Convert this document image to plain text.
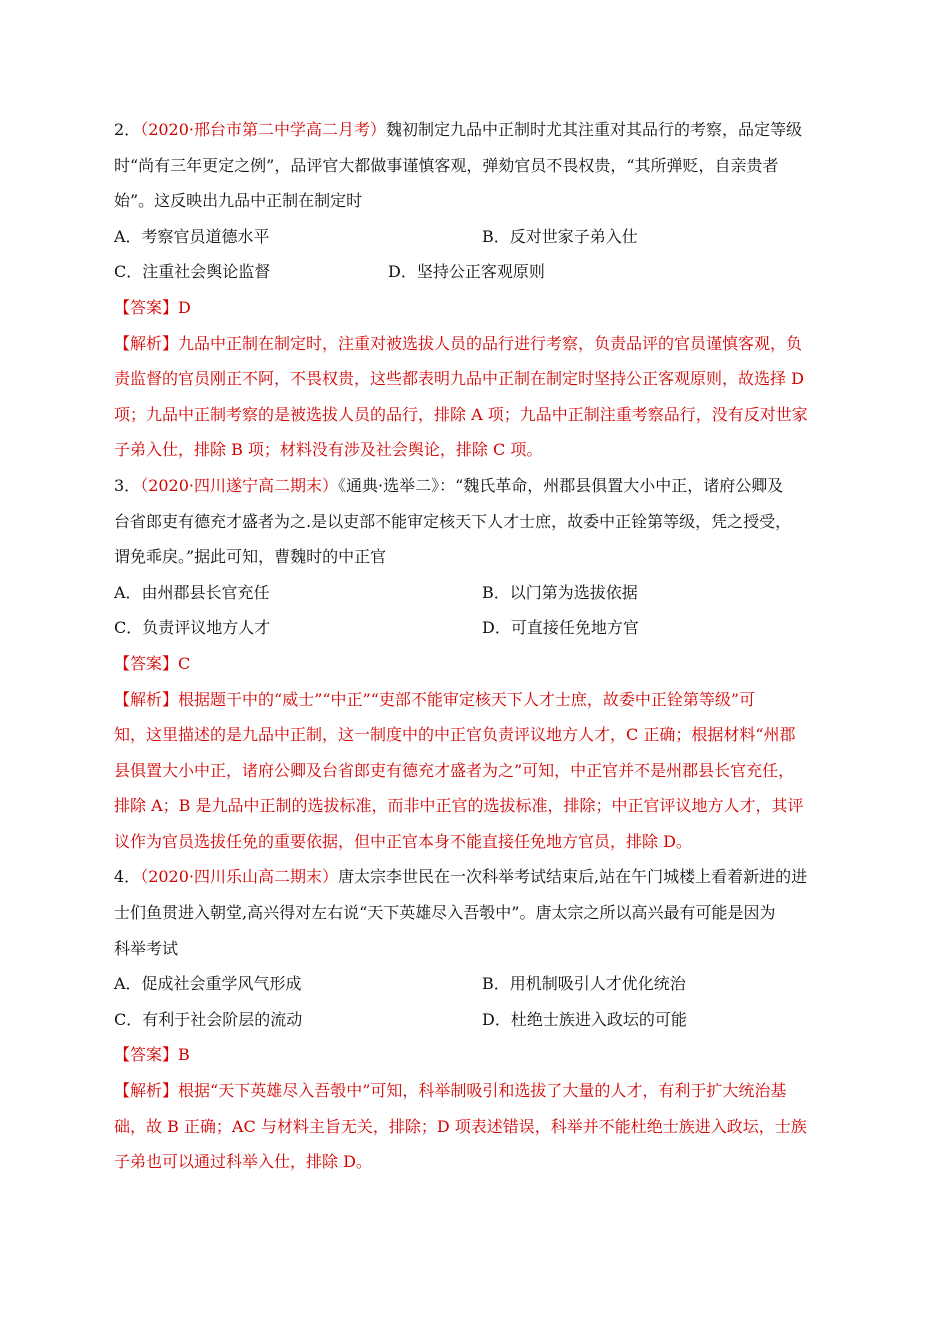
2．（2020·邢台市第二中学高二月考）魏初制定九品中正制时尤其注重对其品行的考察，品定等级
时“尚有三年更定之例”，品评官大都做事谨慎客观，弹劾官员不畏权贵，“其所弹贬，自亲贵者
始”。这反映出九品中正制在制定时
A．考察官员道德水平	B．反对世家子弟入仕
C．注重社会舆论监督	D．坚持公正客观原则
【答案】D
【解析】九品中正制在制定时，注重对被选拔人员的品行进行考察，负责品评的官员谨慎客观，负
责监督的官员刚正不阿，不畏权贵，这些都表明九品中正制在制定时坚持公正客观原则，故选择 D
项；九品中正制考察的是被选拔人员的品行，排除 A 项；九品中正制注重考察品行，没有反对世家
子弟入仕，排除 B 项；材料没有涉及社会舆论，排除 C 项。
3．（2020·四川遂宁高二期末）《通典·选举二》：“魏氏革命，州郡县俱置大小中正，诸府公卿及
台省郎吏有德充才盛者为之.是以吏部不能审定核天下人才士庶，故委中正铨第等级，凭之授受，
谓免乖戾。”据此可知，曹魏时的中正官
A．由州郡县长官充任	B．以门第为选拔依据
C．负责评议地方人才	D．可直接任免地方官
【答案】C
【解析】根据题干中的“威士”“中正”“吏部不能审定核天下人才士庶，故委中正铨第等级”可
知，这里描述的是九品中正制，这一制度中的中正官负责评议地方人才，C 正确；根据材料“州郡
县俱置大小中正，诸府公卿及台省郎吏有德充才盛者为之”可知，中正官并不是州郡县长官充任，
排除 A；B 是九品中正制的选拔标准，而非中正官的选拔标准，排除；中正官评议地方人才，其评
议作为官员选拔任免的重要依据，但中正官本身不能直接任免地方官员，排除 D。
4．（2020·四川乐山高二期末）唐太宗李世民在一次科举考试结束后,站在午门城楼上看着新进的进
士们鱼贯进入朝堂,高兴得对左右说“天下英雄尽入吾彀中”。唐太宗之所以高兴最有可能是因为
科举考试
A．促成社会重学风气形成	B．用机制吸引人才优化统治
C．有利于社会阶层的流动	D．杜绝士族进入政坛的可能
【答案】B
【解析】根据“天下英雄尽入吾彀中”可知，科举制吸引和选拔了大量的人才，有利于扩大统治基
础，故 B 正确；AC 与材料主旨无关，排除；D 项表述错误，科举并不能杜绝士族进入政坛，士族
子弟也可以通过科举入仕，排除 D。
